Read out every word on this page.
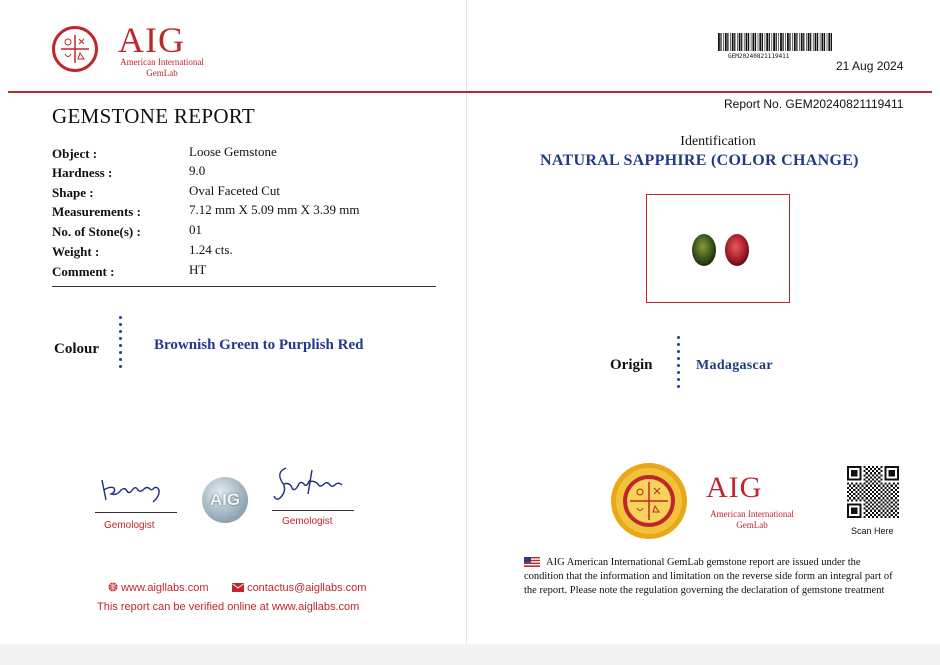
AIG
American International
GemLab
GEM20240821119411
21 Aug 2024
GEMSTONE REPORT	Report No. GEM20240821119411
Object :	Loose Gemstone
Hardness :	9.0
Shape :	Oval Faceted Cut
Measurements :	7.12 mm X 5.09 mm X 3.39 mm
No. of Stone(s) :	01
Weight :	1.24 cts.
Comment :	HT
Colour	Brownish Green to Purplish Red
Identification
NATURAL SAPPHIRE (COLOR CHANGE)
Origin	Madagascar
Gemologist
AIG
Gemologist
www.aigllabs.com	contactus@aigllabs.com
This report can be verified online at www.aigllabs.com
AIG
American International
GemLab
Scan Here
AIG American International GemLab gemstone report are issued under the condition that the information and limitation on the reverse side form an integral part of the report. Please note the regulation governing the declaration of gemstone treatment
